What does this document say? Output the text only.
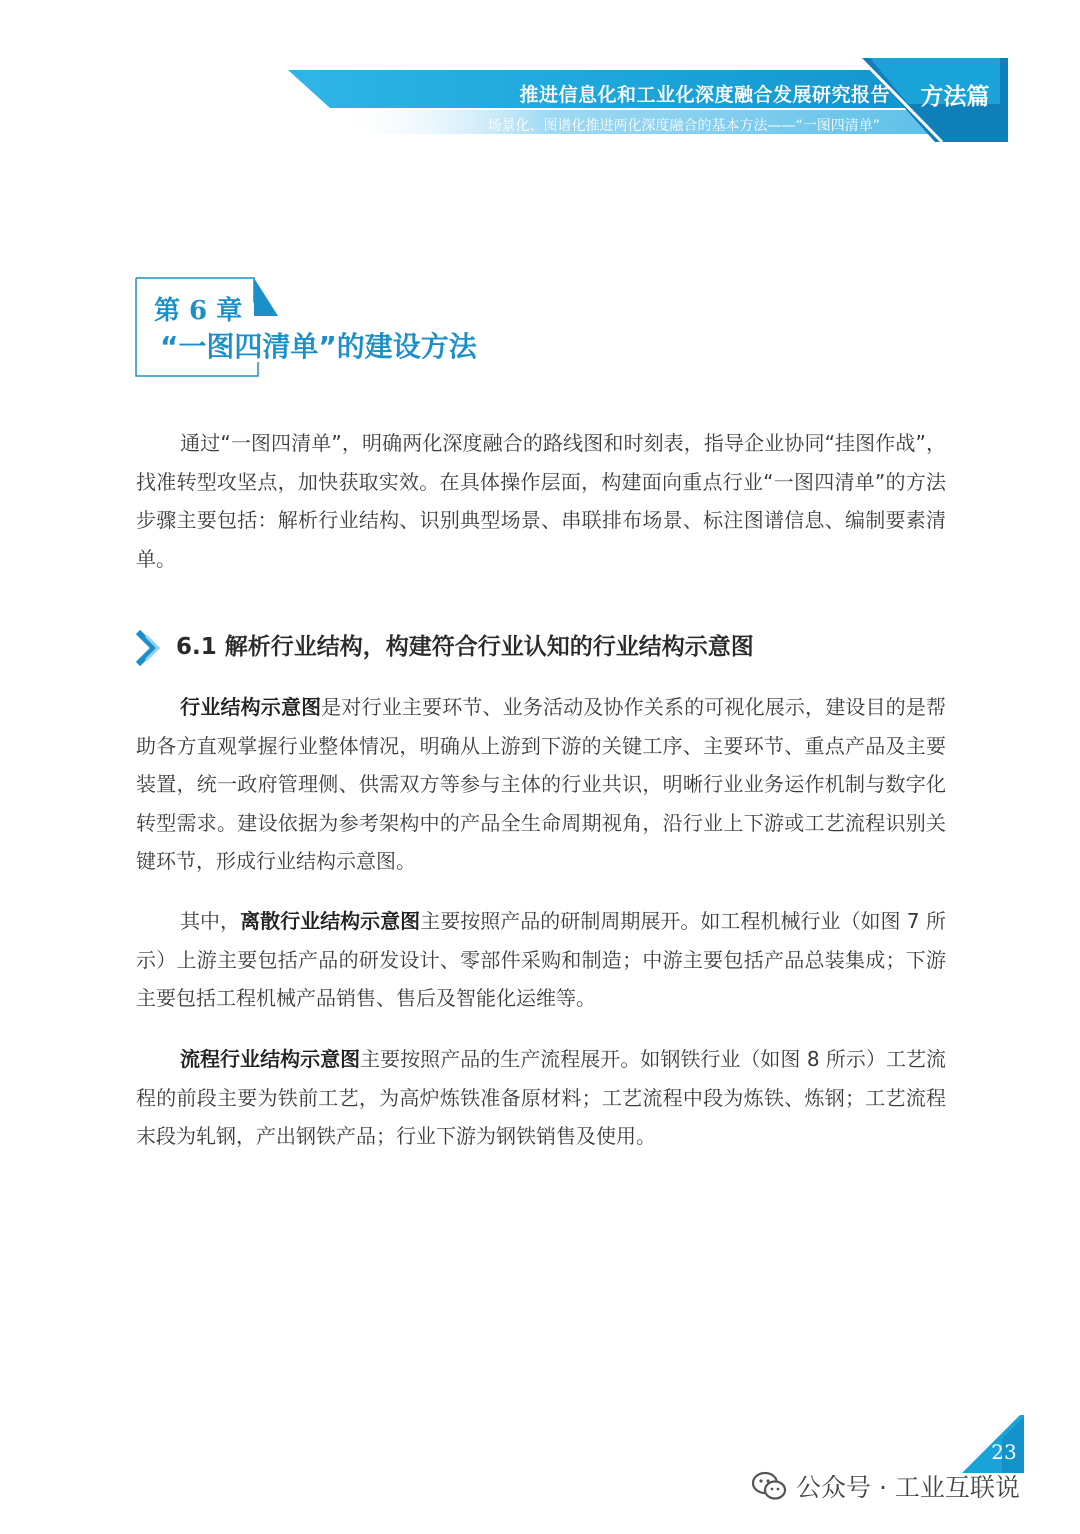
推进信息化和工业化深度融合发展研究报告
场景化、图谱化推进两化深度融合的基本方法——“一图四清单”
方法篇
第 6 章
“一图四清单”的建设方法

通过“一图四清单”，明确两化深度融合的路线图和时刻表，指导企业协同“挂图作战”，找准转型攻坚点，加快获取实效。在具体操作层面，构建面向重点行业“一图四清单”的方法步骤主要包括：解析行业结构、识别典型场景、串联排布场景、标注图谱信息、编制要素清单。

6.1 解析行业结构，构建符合行业认知的行业结构示意图

行业结构示意图是对行业主要环节、业务活动及协作关系的可视化展示，建设目的是帮助各方直观掌握行业整体情况，明确从上游到下游的关键工序、主要环节、重点产品及主要装置，统一政府管理侧、供需双方等参与主体的行业共识，明晰行业业务运作机制与数字化转型需求。建设依据为参考架构中的产品全生命周期视角，沿行业上下游或工艺流程识别关键环节，形成行业结构示意图。

其中，离散行业结构示意图主要按照产品的研制周期展开。如工程机械行业（如图 7 所示）上游主要包括产品的研发设计、零部件采购和制造；中游主要包括产品总装集成；下游主要包括工程机械产品销售、售后及智能化运维等。

流程行业结构示意图主要按照产品的生产流程展开。如钢铁行业（如图 8 所示）工艺流程的前段主要为铁前工艺，为高炉炼铁准备原材料；工艺流程中段为炼铁、炼钢；工艺流程末段为轧钢，产出钢铁产品；行业下游为钢铁销售及使用。

23
公众号 · 工业互联说
